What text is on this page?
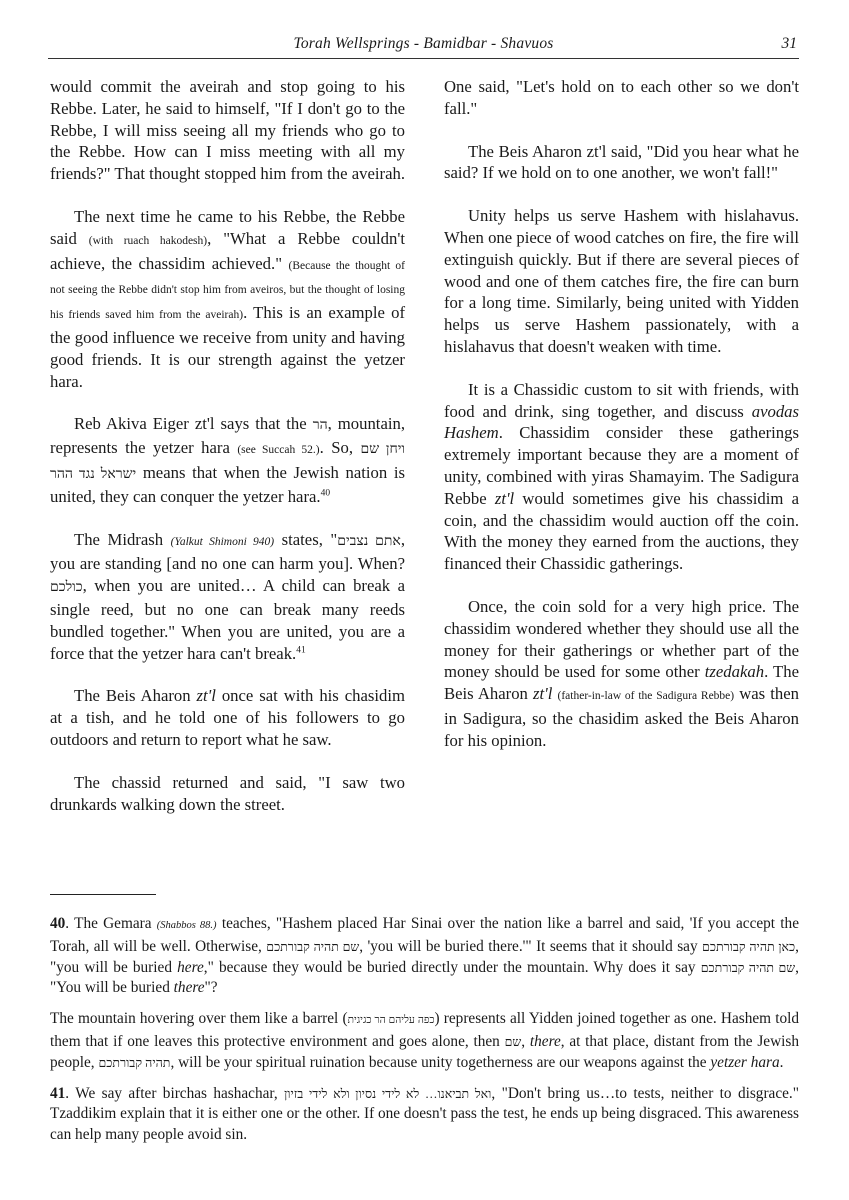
Torah Wellsprings - Bamidbar - Shavuos	31

would commit the aveirah and stop going to his Rebbe. Later, he said to himself, "If I don't go to the Rebbe, I will miss seeing all my friends who go to the Rebbe. How can I miss meeting with all my friends?" That thought stopped him from the aveirah.

The next time he came to his Rebbe, the Rebbe said (with ruach hakodesh), "What a Rebbe couldn't achieve, the chassidim achieved." (Because the thought of not seeing the Rebbe didn't stop him from aveiros, but the thought of losing his friends saved him from the aveirah). This is an example of the good influence we receive from unity and having good friends. It is our strength against the yetzer hara.

Reb Akiva Eiger zt'l says that the הר, mountain, represents the yetzer hara (see Succah 52.). So, ויחן שם ישראל נגד ההר means that when the Jewish nation is united, they can conquer the yetzer hara.$^{40}$

The Midrash (Yalkut Shimoni 940) states, "אתם נצבים, you are standing [and no one can harm you]. When? כולכם, when you are united… A child can break a single reed, but no one can break many reeds bundled together." When you are united, you are a force that the yetzer hara can't break.$^{41}$

The Beis Aharon zt'l once sat with his chasidim at a tish, and he told one of his followers to go outdoors and return to report what he saw.

The chassid returned and said, "I saw two drunkards walking down the street.

One said, "Let's hold on to each other so we don't fall."

The Beis Aharon zt'l said, "Did you hear what he said? If we hold on to one another, we won't fall!"

Unity helps us serve Hashem with hislahavus. When one piece of wood catches on fire, the fire will extinguish quickly. But if there are several pieces of wood and one of them catches fire, the fire can burn for a long time. Similarly, being united with Yidden helps us serve Hashem passionately, with a hislahavus that doesn't weaken with time.

It is a Chassidic custom to sit with friends, with food and drink, sing together, and discuss avodas Hashem. Chassidim consider these gatherings extremely important because they are a moment of unity, combined with yiras Shamayim. The Sadigura Rebbe zt'l would sometimes give his chassidim a coin, and the chassidim would auction off the coin. With the money they earned from the auctions, they financed their Chassidic gatherings.

Once, the coin sold for a very high price. The chassidim wondered whether they should use all the money for their gatherings or whether part of the money should be used for some other tzedakah. The Beis Aharon zt'l (father-in-law of the Sadigura Rebbe) was then in Sadigura, so the chasidim asked the Beis Aharon for his opinion.

40. The Gemara (Shabbos 88.) teaches, "Hashem placed Har Sinai over the nation like a barrel and said, 'If you accept the Torah, all will be well. Otherwise, שם תהיה קבורתכם, 'you will be buried there.'" It seems that it should say כאן תהיה קבורתכם, "you will be buried here," because they would be buried directly under the mountain. Why does it say שם תהיה קבורתכם, "You will be buried there"?

The mountain hovering over them like a barrel (כפה עליהם הר כגיגית) represents all Yidden joined together as one. Hashem told them that if one leaves this protective environment and goes alone, then שם, there, at that place, distant from the Jewish people, תהיה קבורתכם, will be your spiritual ruination because unity togetherness are our weapons against the yetzer hara.

41. We say after birchas hashachar, ואל תביאנו… לא לידי נסיון ולא לידי בזיון, "Don't bring us…to tests, neither to disgrace." Tzaddikim explain that it is either one or the other. If one doesn't pass the test, he ends up being disgraced. This awareness can help many people avoid sin.
